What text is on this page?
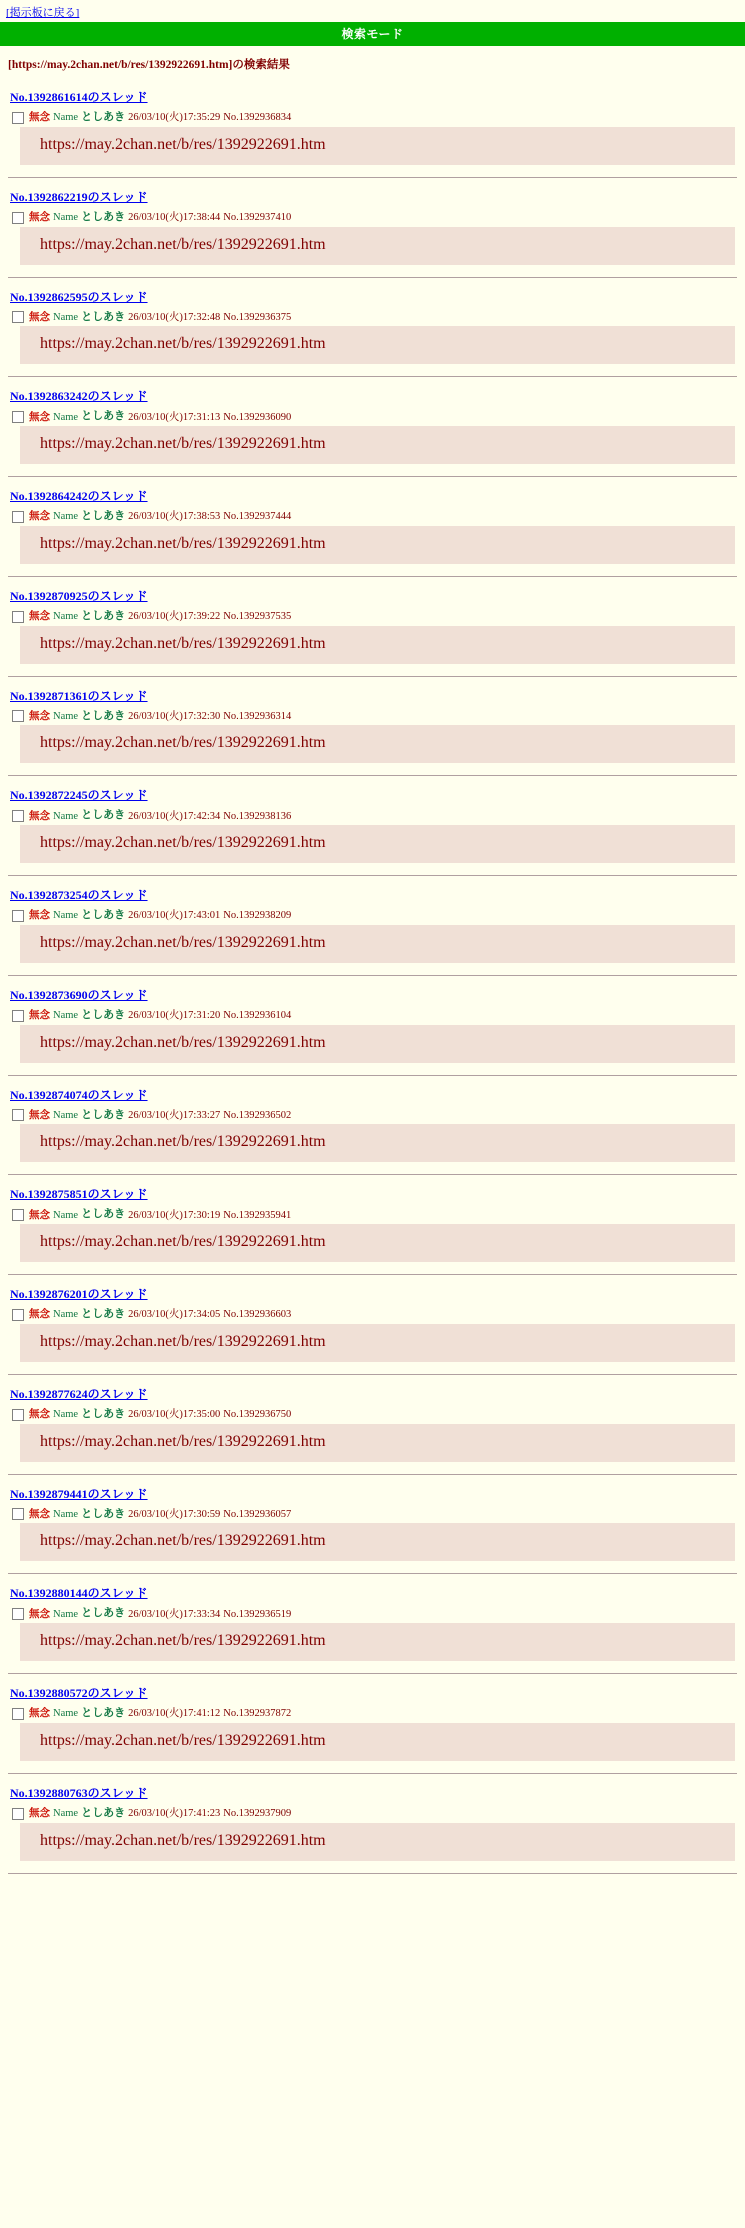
[掲示板に戻る]
検索モード
[https://may.2chan.net/b/res/1392922691.htm]の検索結果
No.1392861614のスレッド
無念 Name としあき 26/03/10(火)17:35:29 No.1392936834
https://may.2chan.net/b/res/1392922691.htm
No.1392862219のスレッド
無念 Name としあき 26/03/10(火)17:38:44 No.1392937410
https://may.2chan.net/b/res/1392922691.htm
No.1392862595のスレッド
無念 Name としあき 26/03/10(火)17:32:48 No.1392936375
https://may.2chan.net/b/res/1392922691.htm
No.1392863242のスレッド
無念 Name としあき 26/03/10(火)17:31:13 No.1392936090
https://may.2chan.net/b/res/1392922691.htm
No.1392864242のスレッド
無念 Name としあき 26/03/10(火)17:38:53 No.1392937444
https://may.2chan.net/b/res/1392922691.htm
No.1392870925のスレッド
無念 Name としあき 26/03/10(火)17:39:22 No.1392937535
https://may.2chan.net/b/res/1392922691.htm
No.1392871361のスレッド
無念 Name としあき 26/03/10(火)17:32:30 No.1392936314
https://may.2chan.net/b/res/1392922691.htm
No.1392872245のスレッド
無念 Name としあき 26/03/10(火)17:42:34 No.1392938136
https://may.2chan.net/b/res/1392922691.htm
No.1392873254のスレッド
無念 Name としあき 26/03/10(火)17:43:01 No.1392938209
https://may.2chan.net/b/res/1392922691.htm
No.1392873690のスレッド
無念 Name としあき 26/03/10(火)17:31:20 No.1392936104
https://may.2chan.net/b/res/1392922691.htm
No.1392874074のスレッド
無念 Name としあき 26/03/10(火)17:33:27 No.1392936502
https://may.2chan.net/b/res/1392922691.htm
No.1392875851のスレッド
無念 Name としあき 26/03/10(火)17:30:19 No.1392935941
https://may.2chan.net/b/res/1392922691.htm
No.1392876201のスレッド
無念 Name としあき 26/03/10(火)17:34:05 No.1392936603
https://may.2chan.net/b/res/1392922691.htm
No.1392877624のスレッド
無念 Name としあき 26/03/10(火)17:35:00 No.1392936750
https://may.2chan.net/b/res/1392922691.htm
No.1392879441のスレッド
無念 Name としあき 26/03/10(火)17:30:59 No.1392936057
https://may.2chan.net/b/res/1392922691.htm
No.1392880144のスレッド
無念 Name としあき 26/03/10(火)17:33:34 No.1392936519
https://may.2chan.net/b/res/1392922691.htm
No.1392880572のスレッド
無念 Name としあき 26/03/10(火)17:41:12 No.1392937872
https://may.2chan.net/b/res/1392922691.htm
No.1392880763のスレッド
無念 Name としあき 26/03/10(火)17:41:23 No.1392937909
https://may.2chan.net/b/res/1392922691.htm
